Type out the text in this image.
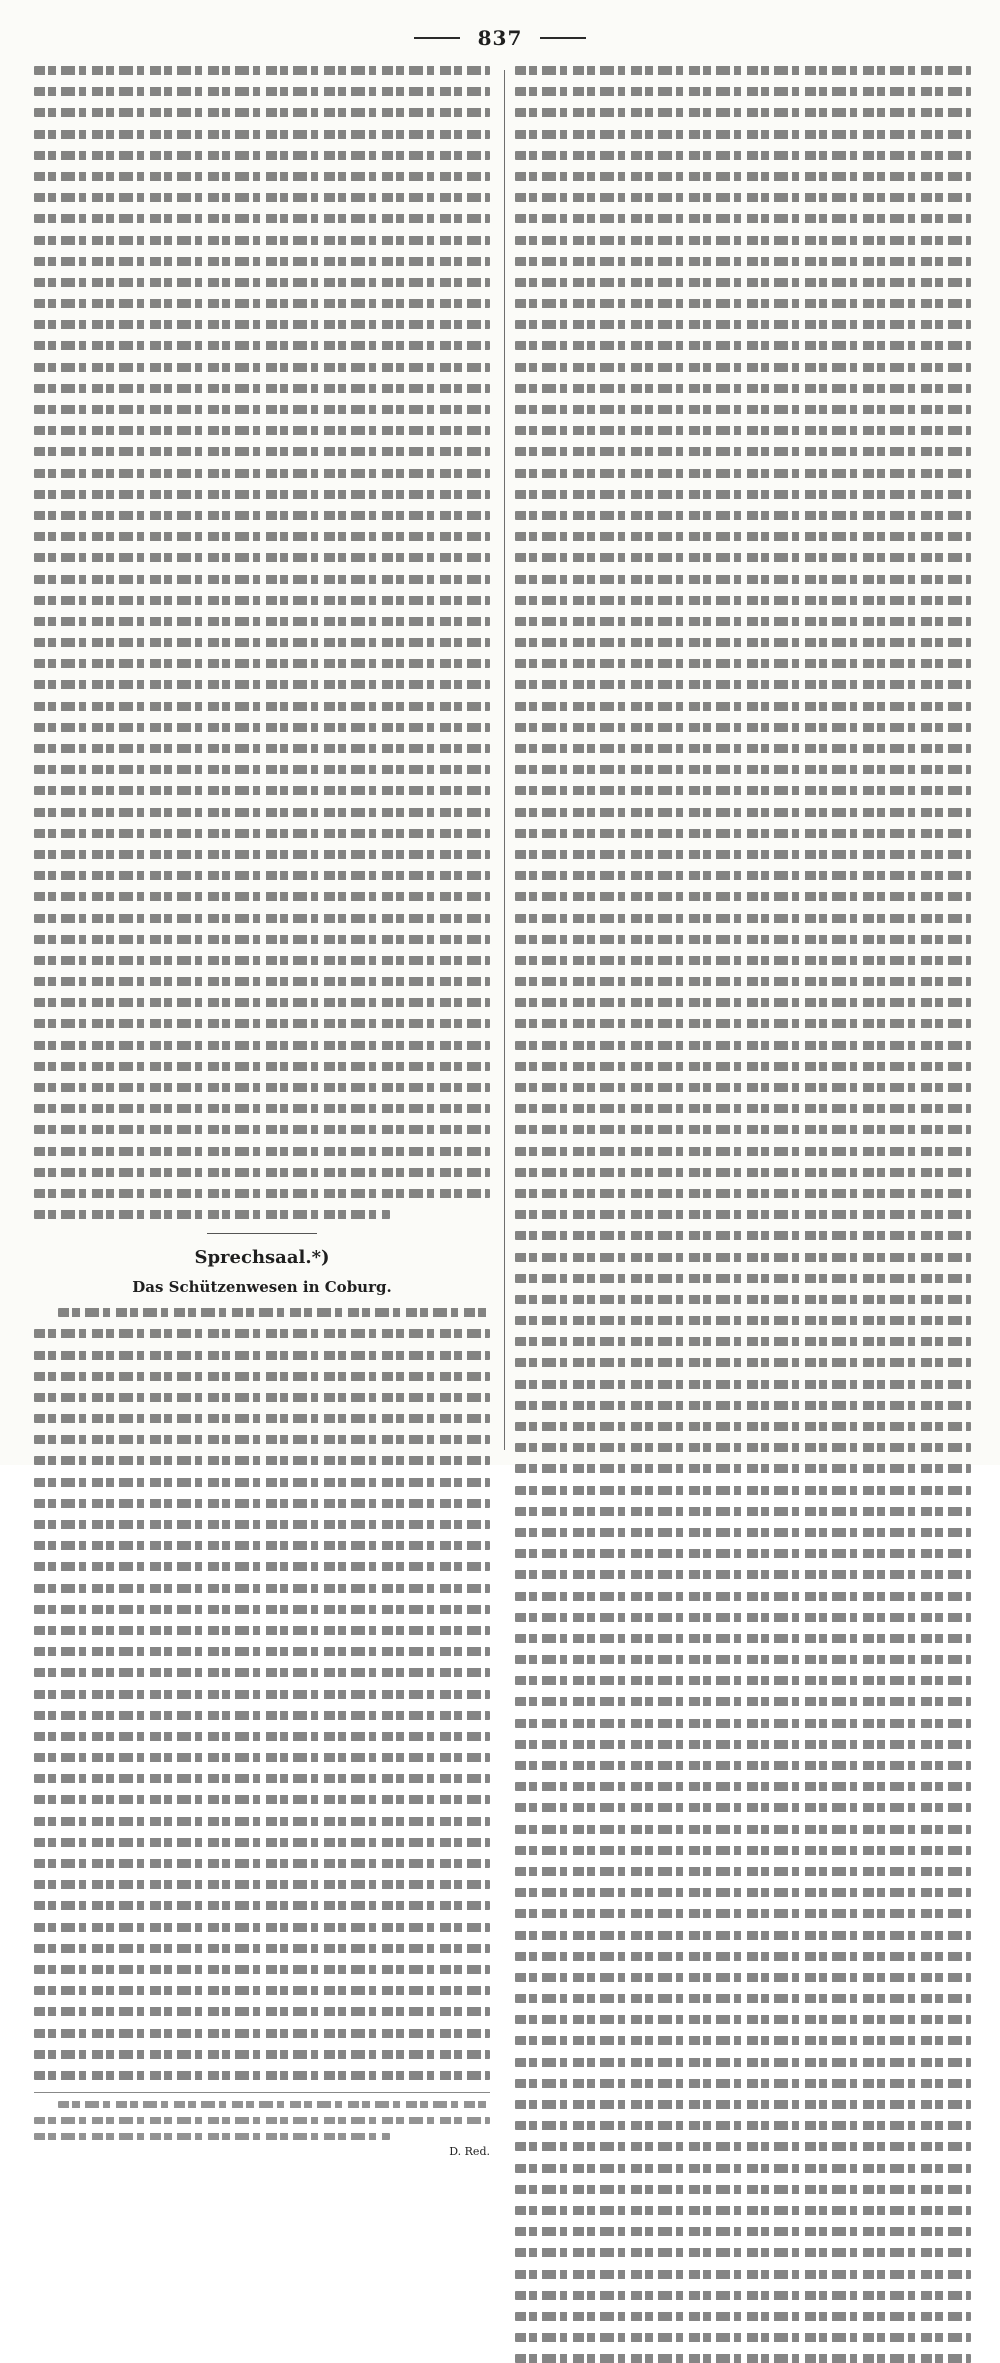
837
Sprechsaal.*)
Das Schützenwesen in Coburg.
D. Red.
